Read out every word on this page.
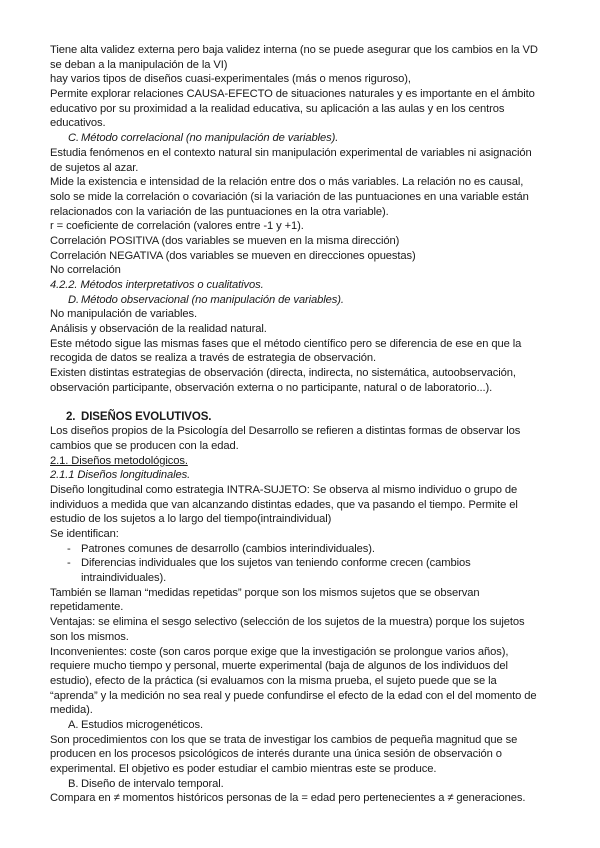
Tiene alta validez externa pero baja validez interna (no se puede asegurar que los cambios en la VD
se deban a la manipulación de la VI)
hay varios tipos de diseños cuasi-experimentales (más o menos riguroso),
Permite explorar relaciones CAUSA-EFECTO de situaciones naturales y es importante en el ámbito
educativo por su proximidad a la realidad educativa, su aplicación a las aulas y en los centros
educativos.
C. Método correlacional (no manipulación de variables).
Estudia fenómenos en el contexto natural sin manipulación experimental de variables ni asignación
de sujetos al azar.
Mide la existencia e intensidad de la relación entre dos o más variables. La relación no es causal,
solo se mide la correlación o covariación (si la variación de las puntuaciones en una variable están
relacionados con la variación de las puntuaciones en la otra variable).
r = coeficiente de correlación (valores entre -1 y +1).
Correlación POSITIVA (dos variables se mueven en la misma dirección)
Correlación NEGATIVA (dos variables se mueven en direcciones opuestas)
No correlación
4.2.2. Métodos interpretativos o cualitativos.
D. Método observacional (no manipulación de variables).
No manipulación de variables.
Análisis y observación de la realidad natural.
Este método sigue las mismas fases que el método científico pero se diferencia de ese en que la
recogida de datos se realiza a través de estrategia de observación.
Existen distintas estrategias de observación (directa, indirecta, no sistemática, autoobservación,
observación participante, observación externa o no participante, natural o de laboratorio...).
2. DISEÑOS EVOLUTIVOS.
Los diseños propios de la Psicología del Desarrollo se refieren a distintas formas de observar los
cambios que se producen con la edad.
2.1. Diseños metodológicos.
2.1.1 Diseños longitudinales.
Diseño longitudinal como estrategia INTRA-SUJETO: Se observa al mismo individuo o grupo de
individuos a medida que van alcanzando distintas edades, que va pasando el tiempo. Permite el
estudio de los sujetos a lo largo del tiempo(intraindividual)
Se identifican:
- Patrones comunes de desarrollo (cambios interindividuales).
- Diferencias individuales que los sujetos van teniendo conforme crecen (cambios
intraindividuales).
También se llaman “medidas repetidas” porque son los mismos sujetos que se observan
repetidamente.
Ventajas: se elimina el sesgo selectivo (selección de los sujetos de la muestra) porque los sujetos
son los mismos.
Inconvenientes: coste (son caros porque exige que la investigación se prolongue varios años),
requiere mucho tiempo y personal, muerte experimental (baja de algunos de los individuos del
estudio), efecto de la práctica (si evaluamos con la misma prueba, el sujeto puede que se la
“aprenda” y la medición no sea real y puede confundirse el efecto de la edad con el del momento de
medida).
A. Estudios microgenéticos.
Son procedimientos con los que se trata de investigar los cambios de pequeña magnitud que se
producen en los procesos psicológicos de interés durante una única sesión de observación o
experimental. El objetivo es poder estudiar el cambio mientras este se produce.
B. Diseño de intervalo temporal.
Compara en ≠ momentos históricos personas de la = edad pero pertenecientes a ≠ generaciones.
